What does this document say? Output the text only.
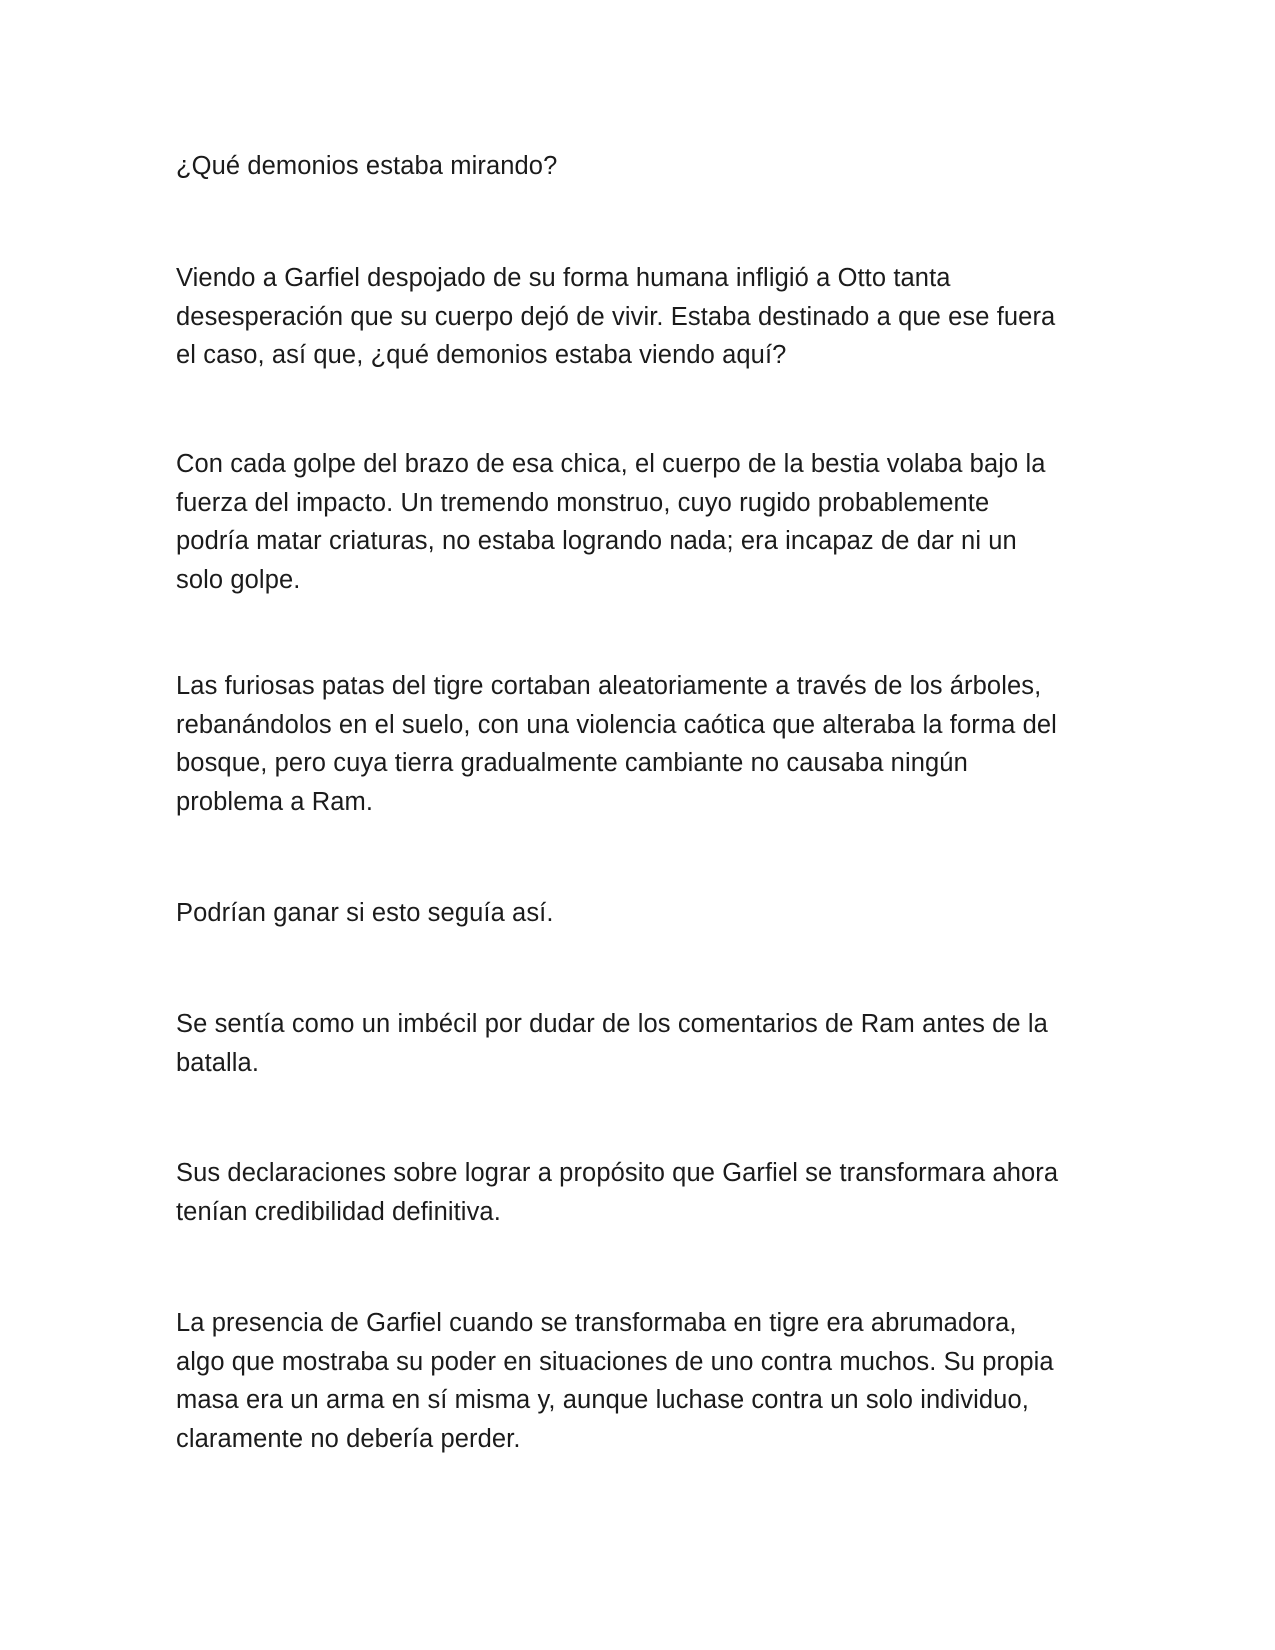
¿Qué demonios estaba mirando?

Viendo a Garfiel despojado de su forma humana infligió a Otto tanta
desesperación que su cuerpo dejó de vivir. Estaba destinado a que ese fuera
el caso, así que, ¿qué demonios estaba viendo aquí?

Con cada golpe del brazo de esa chica, el cuerpo de la bestia volaba bajo la
fuerza del impacto. Un tremendo monstruo, cuyo rugido probablemente
podría matar criaturas, no estaba logrando nada; era incapaz de dar ni un
solo golpe.

Las furiosas patas del tigre cortaban aleatoriamente a través de los árboles,
rebanándolos en el suelo, con una violencia caótica que alteraba la forma del
bosque, pero cuya tierra gradualmente cambiante no causaba ningún
problema a Ram.

Podrían ganar si esto seguía así.

Se sentía como un imbécil por dudar de los comentarios de Ram antes de la
batalla.

Sus declaraciones sobre lograr a propósito que Garfiel se transformara ahora
tenían credibilidad definitiva.

La presencia de Garfiel cuando se transformaba en tigre era abrumadora,
algo que mostraba su poder en situaciones de uno contra muchos. Su propia
masa era un arma en sí misma y, aunque luchase contra un solo individuo,
claramente no debería perder.
